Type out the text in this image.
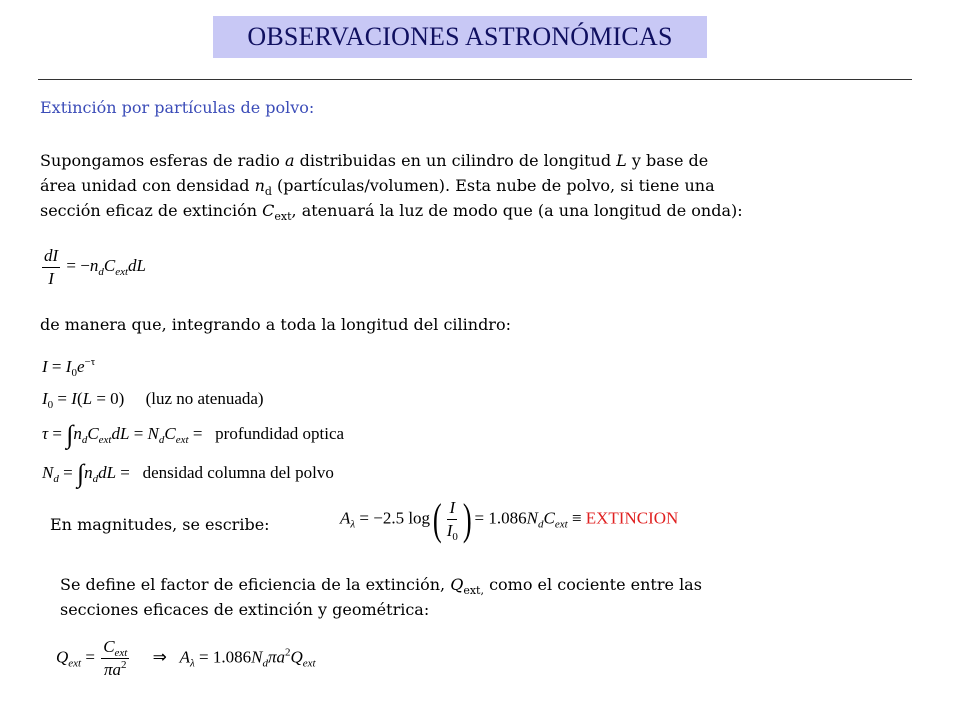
OBSERVACIONES ASTRONÓMICAS
Extinción por partículas de polvo:

Supongamos esferas de radio a distribuidas en un cilindro de longitud L y base de

área unidad con densidad $n_d$ (partículas/volumen). Esta nube de polvo, si tiene una

sección eficaz de extinción $C_{ext}$, atenuará la luz de modo que (a una longitud de onda):

$\frac{dI}{I} = -n_dC_{ext}dL$
de manera que, integrando a toda la longitud del cilindro:
$I = I_0e^{-\tau}$
$I_0 = I(L = 0)$     (luz no atenuada)
$\tau = \int n_dC_{ext}dL = N_dC_{ext}$ =   profundidad optica
$N_d = \int n_ddL$ =   densidad columna del polvo
En magnitudes, se escribe:	$A_\lambda = -2.5$ $\log( \frac{I}{I_0}$ ) = $1.086N_dC_{ext}$ ≡ EXTINCION

Se define el factor de eficiencia de la extinción, $Q_{ext,}$ como el cociente entre las

secciones eficaces de extinción y geométrica:

$Q_{ext} = \frac{C_{ext}}{\pi a^2}$ ⇒ $A_\lambda = 1.086N_d\pi a^2Q_{ext}$
